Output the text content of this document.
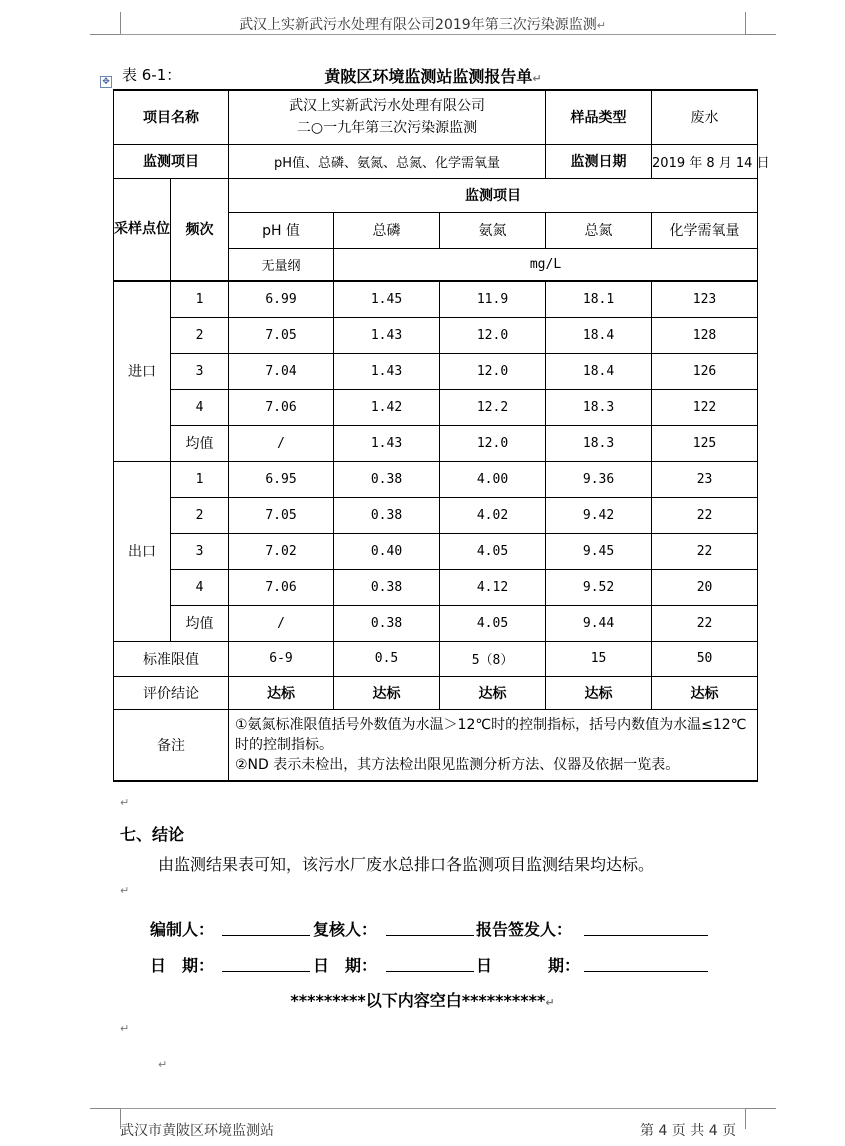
武汉上实新武污水处理有限公司2019年第三次污染源监测↵
✥ 表 6-1：	黄陂区环境监测站监测报告单↵
项目名称		武汉上实新武污水处理有限公司
二○一九年第三次污染源监测			样品类型	废水
监测项目		pH值、总磷、氨氮、总氮、化学需氧量			监测日期	2019 年 8 月 14 日
采样点位	频次	监测项目				
		pH 值	总磷	氨氮	总氮	化学需氧量
		无量纲	mg/L			
进口	1	6.99	1.45	11.9	18.1	123
	2	7.05	1.43	12.0	18.4	128
	3	7.04	1.43	12.0	18.4	126
	4	7.06	1.42	12.2	18.3	122
	均值	/	1.43	12.0	18.3	125
出口	1	6.95	0.38	4.00	9.36	23
	2	7.05	0.38	4.02	9.42	22
	3	7.02	0.40	4.05	9.45	22
	4	7.06	0.38	4.12	9.52	20
	均值	/	0.38	4.05	9.44	22
标准限值		6-9	0.5	5（8）	15	50
评价结论		达标	达标	达标	达标	达标
备注		①氨氮标准限值括号外数值为水温＞12℃时的控制指标，括号内数值为水温≤12℃时的控制指标。
②ND 表示未检出，其方法检出限见监测分析方法、仪器及依据一览表。				
↵
七、结论
由监测结果表可知，该污水厂废水总排口各监测项目监测结果均达标。
↵
编制人：	复核人：	报告签发人：
日　期：	日　期：	日	期：
*********以下内容空白**********↵
↵
↵
武汉市黄陂区环境监测站	第 4 页 共 4 页
